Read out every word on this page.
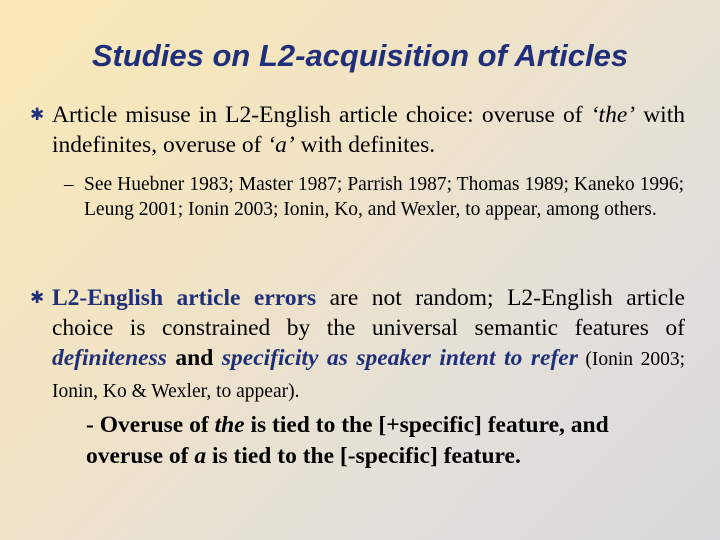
Studies on L2-acquisition of Articles
✱ Article misuse in L2-English article choice: overuse of ‘the’ with indefinites, overuse of ‘a’ with definites.
– See Huebner 1983; Master 1987; Parrish 1987; Thomas 1989; Kaneko 1996; Leung 2001; Ionin 2003; Ionin, Ko, and Wexler, to appear, among others.
✱ L2-English article errors are not random; L2-English article choice is constrained by the universal semantic features of definiteness and specificity as speaker intent to refer (Ionin 2003; Ionin, Ko & Wexler, to appear).
- Overuse of the is tied to the [+specific] feature, and overuse of a is tied to the [-specific] feature.
